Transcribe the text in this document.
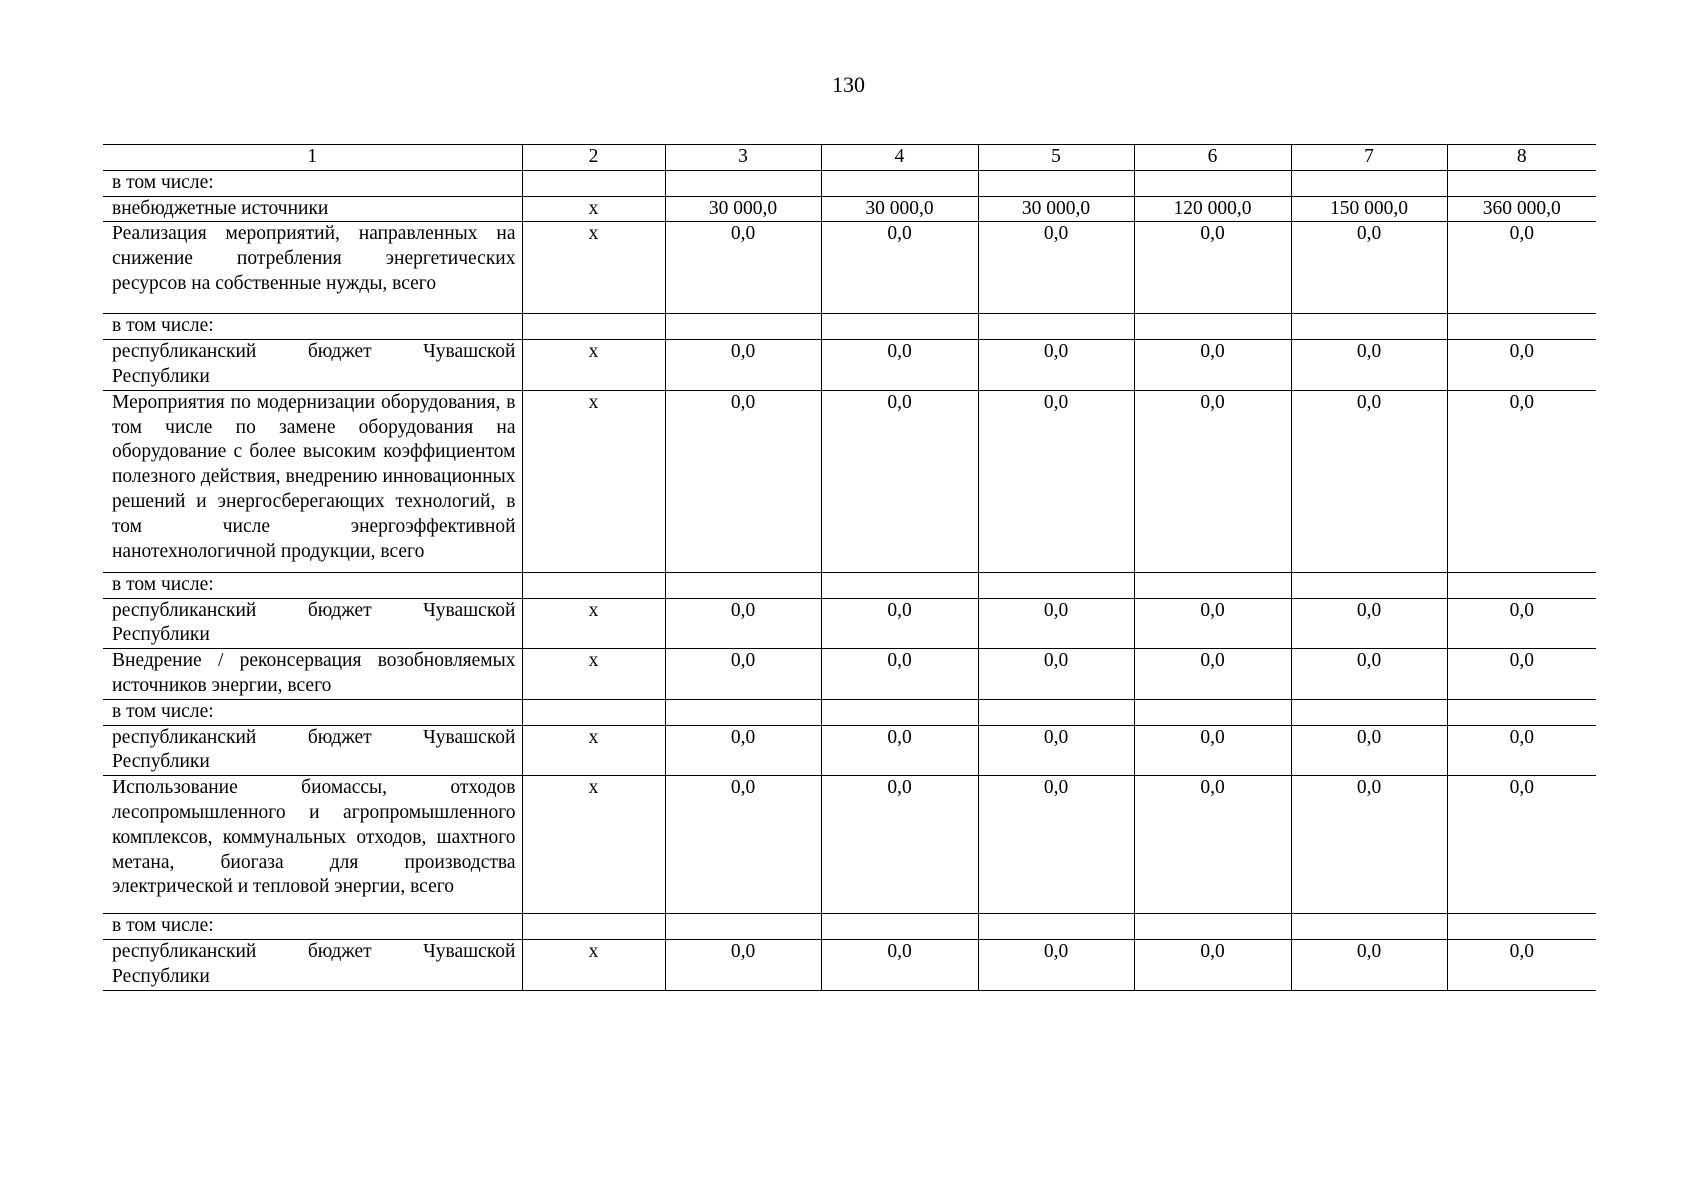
130
1	2	3	4	5	6	7	8
в том числе:							
внебюджетные источники	x	30 000,0	30 000,0	30 000,0	120 000,0	150 000,0	360 000,0
Реализация мероприятий, направленных на снижение потребления энергетических ресурсов на собственные нужды, всего	x	0,0	0,0	0,0	0,0	0,0	0,0
в том числе:							
республиканский бюджет Чувашской Республики	x	0,0	0,0	0,0	0,0	0,0	0,0
Мероприятия по модернизации оборудования, в том числе по замене оборудования на оборудование с более высоким коэффициентом полезного действия, внедрению инновационных решений и энергосберегающих технологий, в том числе энергоэффективной нанотехнологичной продукции, всего	x	0,0	0,0	0,0	0,0	0,0	0,0
в том числе:							
республиканский бюджет Чувашской Республики	x	0,0	0,0	0,0	0,0	0,0	0,0
Внедрение / реконсервация возобновляемых источников энергии, всего	x	0,0	0,0	0,0	0,0	0,0	0,0
в том числе:							
республиканский бюджет Чувашской Республики	x	0,0	0,0	0,0	0,0	0,0	0,0
Использование биомассы, отходов лесопромышленного и агропромышленного комплексов, коммунальных отходов, шахтного метана, биогаза для производства электрической и тепловой энергии, всего	x	0,0	0,0	0,0	0,0	0,0	0,0
в том числе:							
республиканский бюджет Чувашской Республики	x	0,0	0,0	0,0	0,0	0,0	0,0
